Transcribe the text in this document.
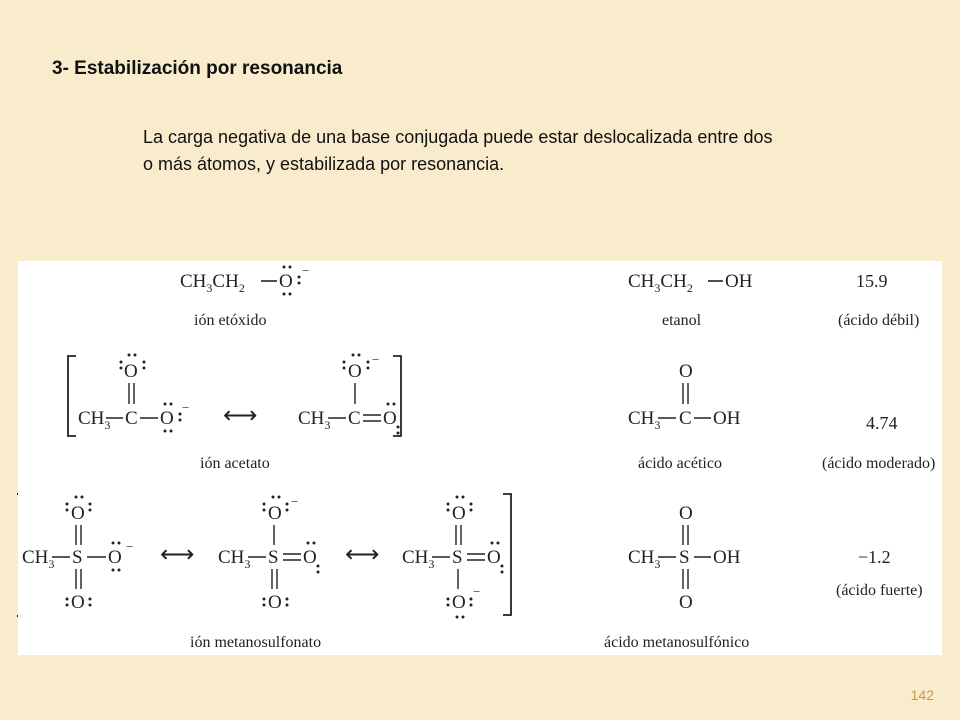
3- Estabilización por resonancia

La carga negativa de una base conjugada puede estar deslocalizada entre dos o más átomos, y estabilizada por resonancia.

$CH_3CH_2$ O
−
ión etóxido
$CH_3CH_2$ OH
etanol
15.9
(ácido débil)
O
$CH_3$ C O
− ⟷
O
−
$CH_3$ C O
ión acetato
O
$CH_3$ C OH
ácido acético
4.74
(ácido moderado)
O
$CH_3$ S O
−
O
⟷
O
−
$CH_3$ S O
O
⟷
O
$CH_3$ S O
O
−
ión metanosulfonato
O
$CH_3$ S OH
O
ácido metanosulfónico
−1.2
(ácido fuerte)
142
